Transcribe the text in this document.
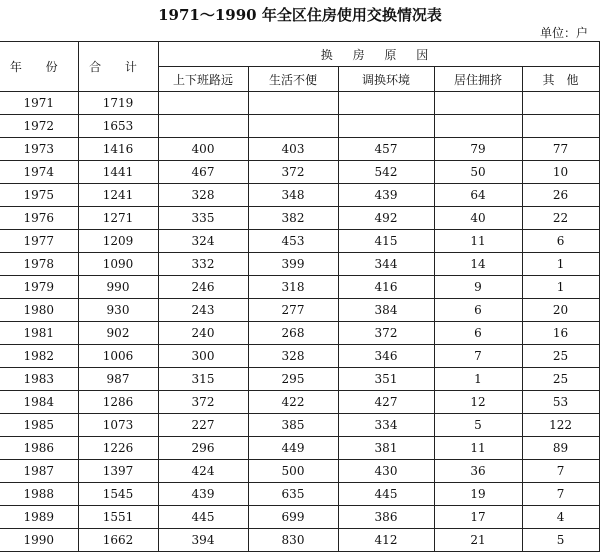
1971～1990 年全区住房使用交换情况表
单位：户
年 份	合 计	换 房 原 因				
		上下班路远	生活不便	调换环境	居住拥挤	其　他
1971	1719					
1972	1653					
1973	1416	400	403	457	79	77
1974	1441	467	372	542	50	10
1975	1241	328	348	439	64	26
1976	1271	335	382	492	40	22
1977	1209	324	453	415	11	6
1978	1090	332	399	344	14	1
1979	990	246	318	416	9	1
1980	930	243	277	384	6	20
1981	902	240	268	372	6	16
1982	1006	300	328	346	7	25
1983	987	315	295	351	1	25
1984	1286	372	422	427	12	53
1985	1073	227	385	334	5	122
1986	1226	296	449	381	11	89
1987	1397	424	500	430	36	7
1988	1545	439	635	445	19	7
1989	1551	445	699	386	17	4
1990	1662	394	830	412	21	5
